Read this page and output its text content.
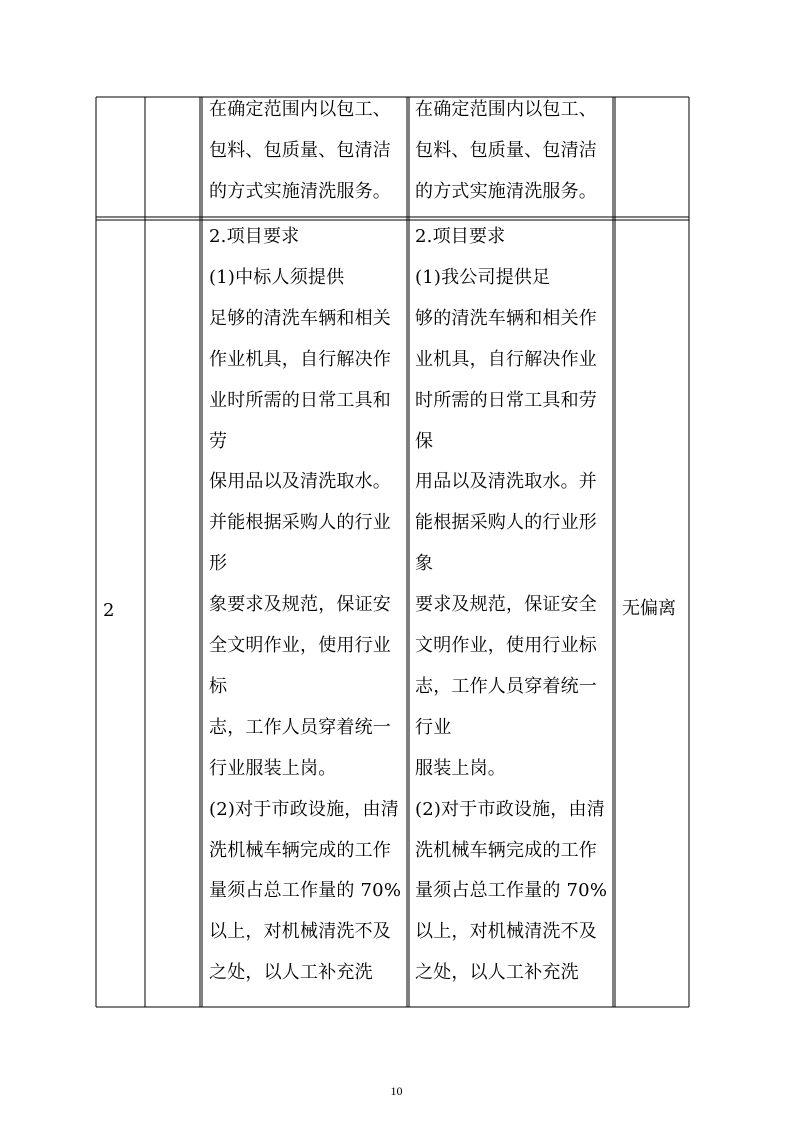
在确定范围内以包工、
包料、包质量、包清洁
的方式实施清洗服务。
在确定范围内以包工、
包料、包质量、包清洁
的方式实施清洗服务。
2
2.项目要求
(1)中标人须提供
足够的清洗车辆和相关
作业机具，自行解决作
业时所需的日常工具和
劳
保用品以及清洗取水。
并能根据采购人的行业
形
象要求及规范，保证安
全文明作业，使用行业
标
志，工作人员穿着统一
行业服装上岗。
(2)对于市政设施，由清
洗机械车辆完成的工作
量须占总工作量的 70%
以上，对机械清洗不及
之处，以人工补充洗
2.项目要求
(1)我公司提供足
够的清洗车辆和相关作
业机具，自行解决作业
时所需的日常工具和劳
保
用品以及清洗取水。并
能根据采购人的行业形
象
要求及规范，保证安全
文明作业，使用行业标
志，工作人员穿着统一
行业
服装上岗。
(2)对于市政设施，由清
洗机械车辆完成的工作
量须占总工作量的 70%
以上，对机械清洗不及
之处，以人工补充洗
无偏离
10
